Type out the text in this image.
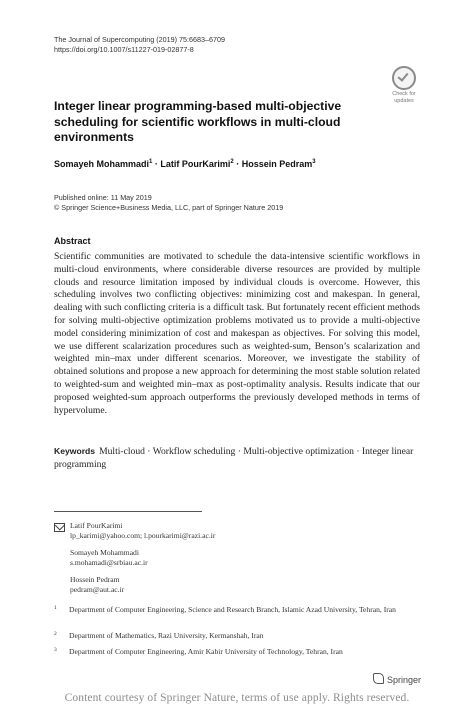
The Journal of Supercomputing (2019) 75:6683–6709
https://doi.org/10.1007/s11227-019-02877-8
Check for
updates
Integer linear programming-based multi-objective scheduling for scientific workflows in multi-cloud environments
Somayeh Mohammadi$^1$ · Latif PourKarimi$^2$ · Hossein Pedram$^3$
Published online: 11 May 2019
© Springer Science+Business Media, LLC, part of Springer Nature 2019
Abstract
Scientific communities are motivated to schedule the data-intensive scientific workflows in multi-cloud environments, where considerable diverse resources are provided by multiple clouds and resource limitation imposed by individual clouds is overcome. However, this scheduling involves two conflicting objectives: minimizing cost and makespan. In general, dealing with such conflicting criteria is a difficult task. But fortunately recent efficient methods for solving multi-objective optimization problems motivated us to provide a multi-objective model considering minimization of cost and makespan as objectives. For solving this model, we use different scalarization procedures such as weighted-sum, Benson’s scalarization and weighted min–max under different scenarios. Moreover, we investigate the stability of obtained solutions and propose a new approach for determining the most stable solution related to weighted-sum and weighted min–max as post-optimality analysis. Results indicate that our proposed weighted-sum approach outperforms the previously developed methods in terms of hypervolume.
Keywords Multi-cloud · Workflow scheduling · Multi-objective optimization · Integer linear programming
Latif PourKarimi
lp_karimi@yahoo.com; l.pourkarimi@razi.ac.ir
Somayeh Mohammadi
s.mohamadi@srbiau.ac.ir
Hossein Pedram
pedram@aut.ac.ir
1 Department of Computer Engineering, Science and Research Branch, Islamic Azad University, Tehran, Iran
2 Department of Mathematics, Razi University, Kermanshah, Iran
3 Department of Computer Engineering, Amir Kabir University of Technology, Tehran, Iran
Springer
Content courtesy of Springer Nature, terms of use apply. Rights reserved.
